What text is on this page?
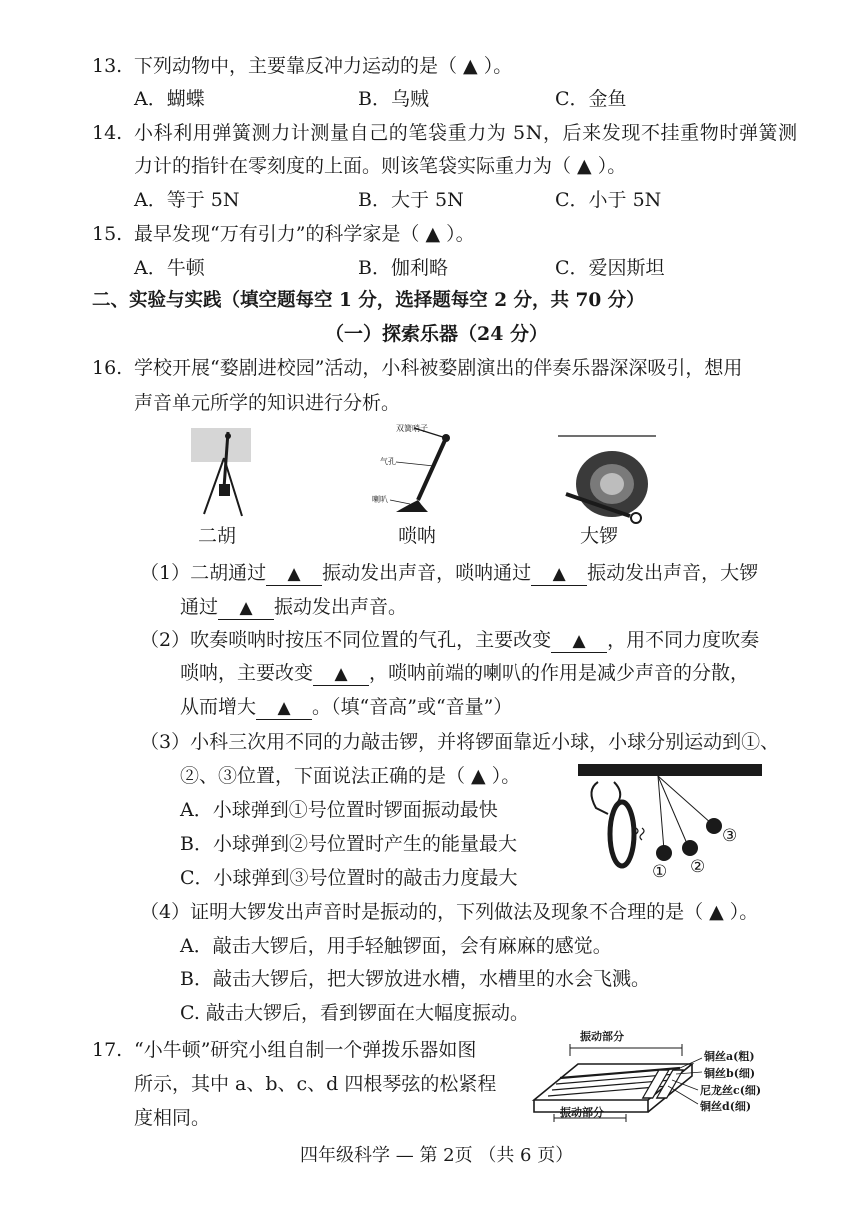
13. 下列动物中，主要靠反冲力运动的是（ ▲ ）。
A．蝴蝶	B．乌贼	C．金鱼
14. 小科利用弹簧测力计测量自己的笔袋重力为 5N，后来发现不挂重物时弹簧测
力计的指针在零刻度的上面。则该笔袋实际重力为（ ▲ ）。
A．等于 5N	B．大于 5N	C．小于 5N
15. 最早发现“万有引力”的科学家是（ ▲ ）。
A．牛顿	B．伽利略	C．爱因斯坦
二、实验与实践（填空题每空 1 分，选择题每空 2 分，共 70 分）
（一）探索乐器（24 分）
16. 学校开展“婺剧进校园”活动，小科被婺剧演出的伴奏乐器深深吸引，想用
声音单元所学的知识进行分析。
二胡
双簧哨子
气孔
喇叭
唢呐	大锣
（1）二胡通过 ▲ 振动发出声音，唢呐通过 ▲ 振动发出声音，大锣
通过 ▲ 振动发出声音。
（2）吹奏唢呐时按压不同位置的气孔，主要改变 ▲ ，用不同力度吹奏
唢呐，主要改变 ▲ ，唢呐前端的喇叭的作用是减少声音的分散，
从而增大 ▲ 。（填“音高”或“音量”）
（3）小科三次用不同的力敲击锣，并将锣面靠近小球，小球分别运动到①、
②、③位置，下面说法正确的是（ ▲ ）。
A．小球弹到①号位置时锣面振动最快
B．小球弹到②号位置时产生的能量最大
C．小球弹到③号位置时的敲击力度最大	① ②
③
（4）证明大锣发出声音时是振动的，下列做法及现象不合理的是（ ▲ ）。
A．敲击大锣后，用手轻触锣面，会有麻麻的感觉。
B．敲击大锣后，把大锣放进水槽，水槽里的水会飞溅。
C. 敲击大锣后，看到锣面在大幅度振动。
17. “小牛顿”研究小组自制一个弹拨乐器如图
所示，其中 a、b、c、d 四根琴弦的松紧程
度相同。
振动部分
振动部分
铜丝a(粗)
铜丝b(细)
尼龙丝c(细)
铜丝d(细)
四年级科学 — 第 2页 （共 6 页）
